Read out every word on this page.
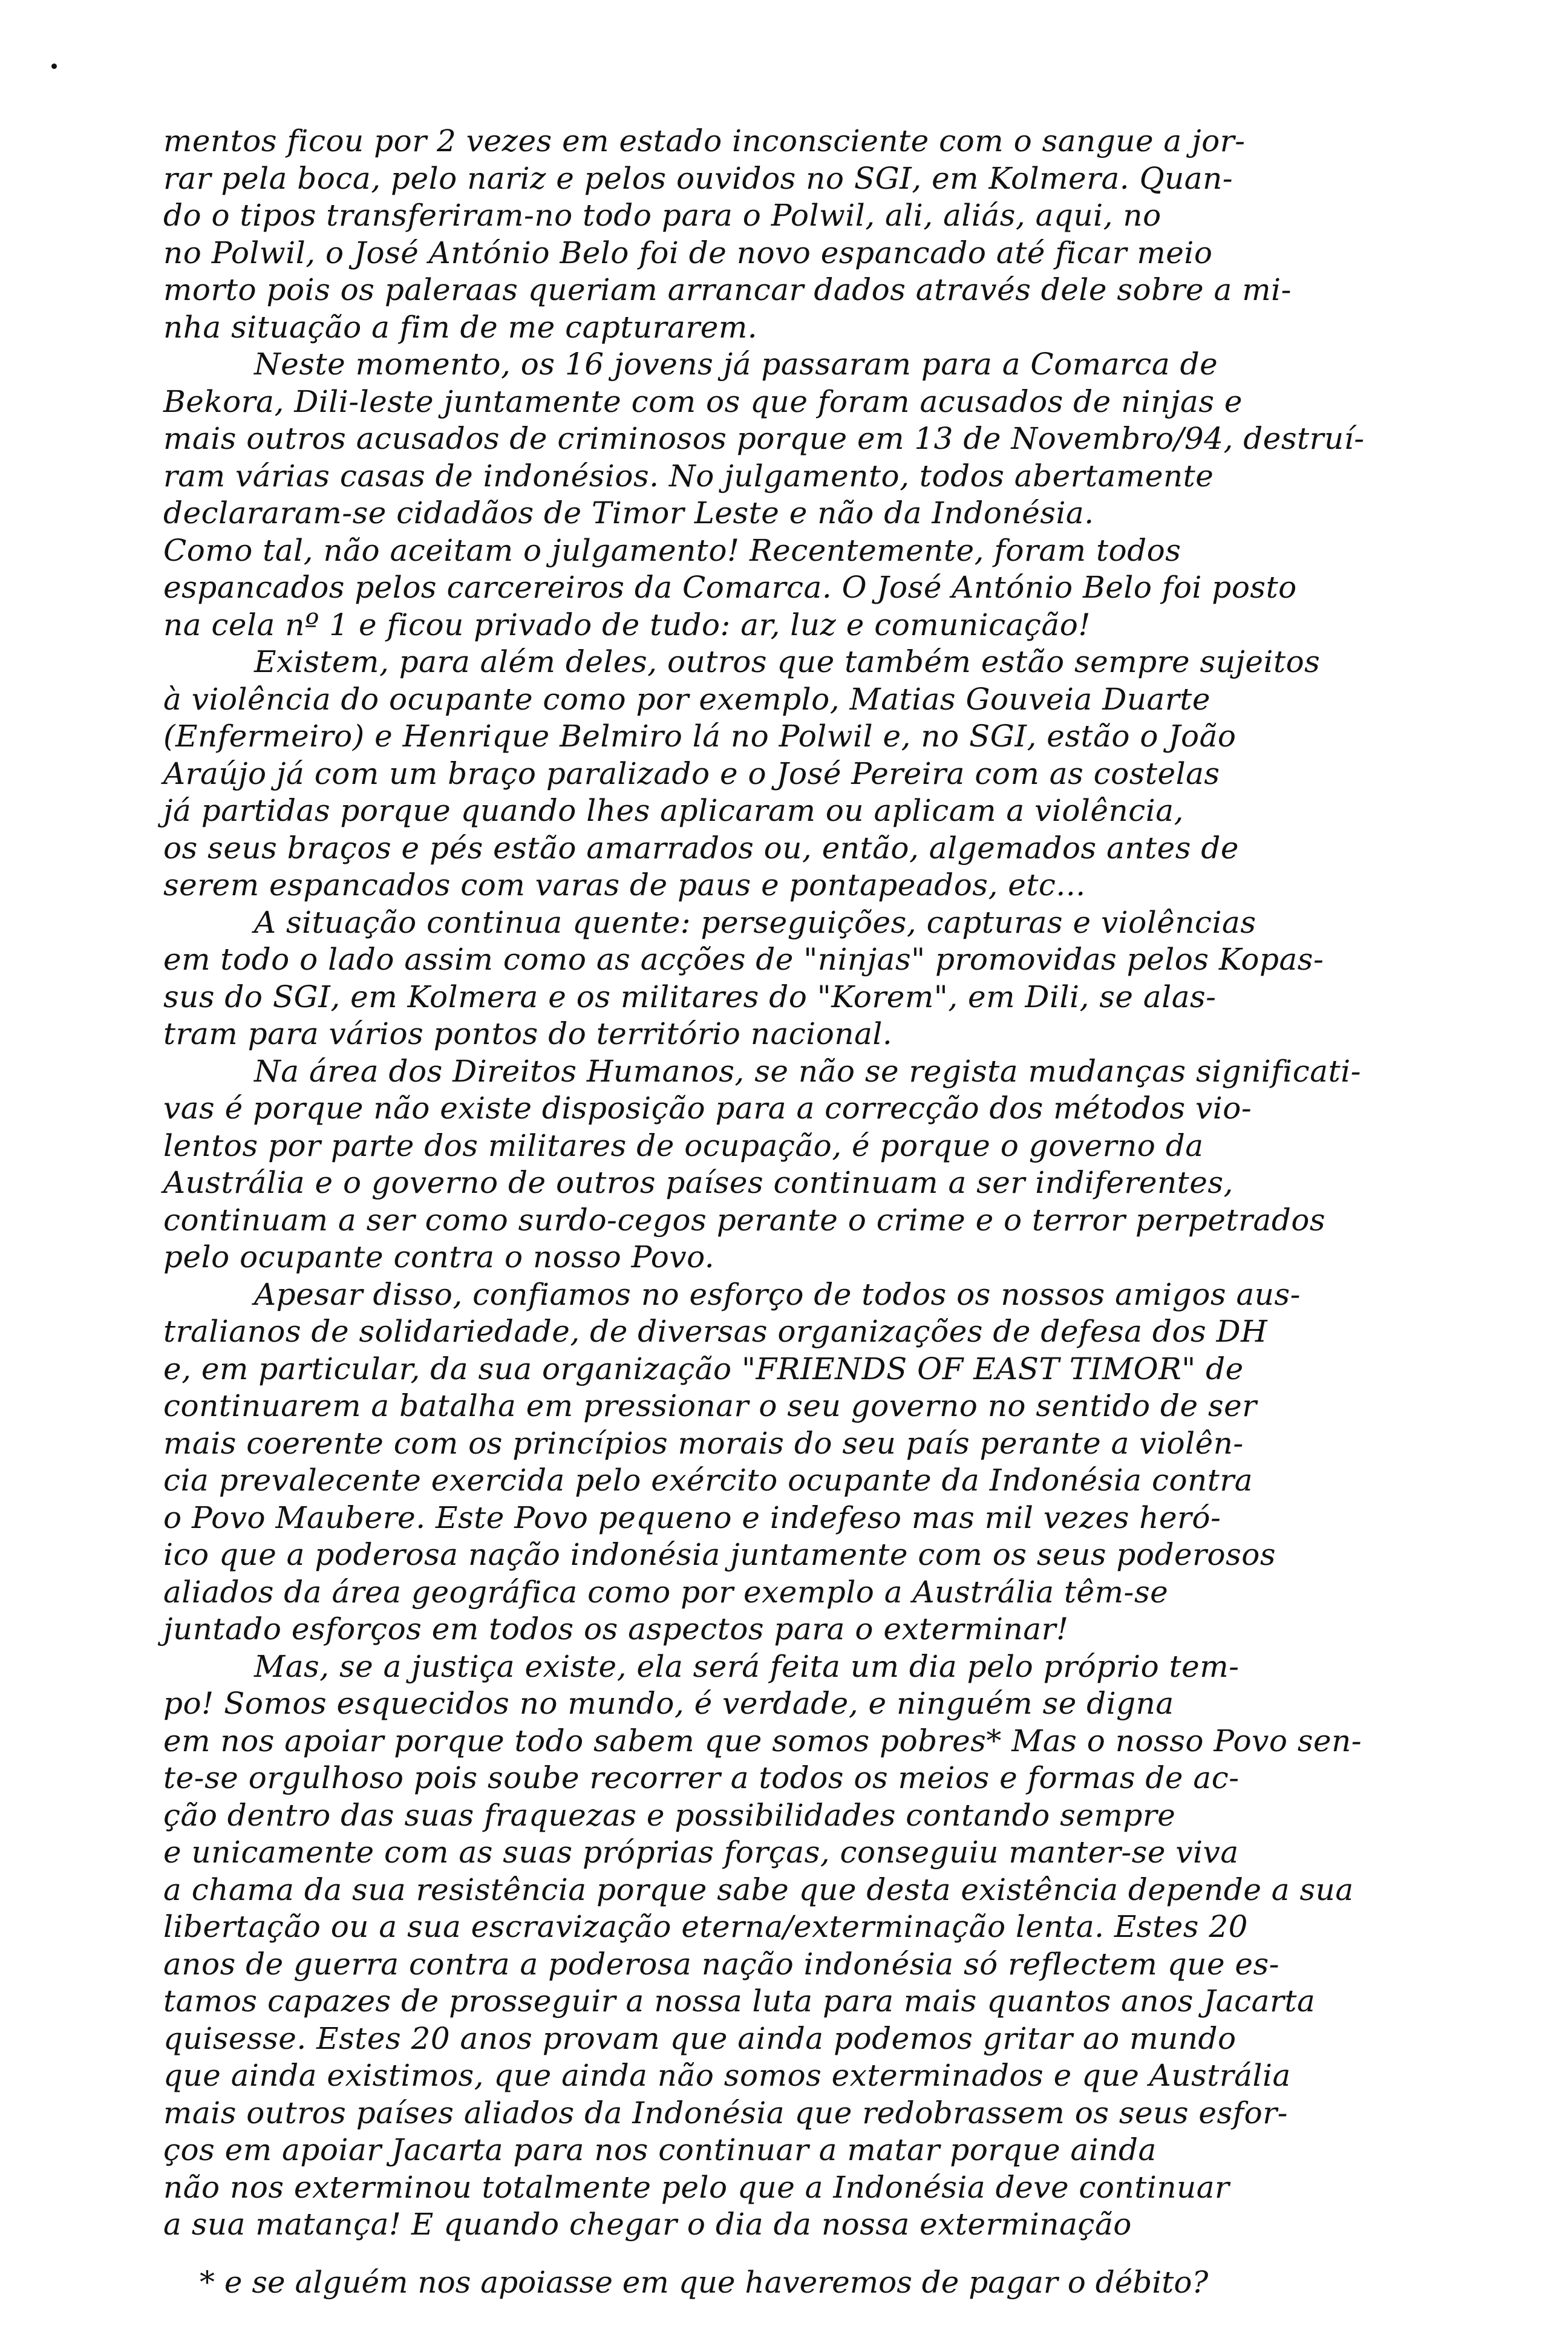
mentos ficou por 2 vezes em estado inconsciente com o sangue a jor-
rar pela boca, pelo nariz e pelos ouvidos no SGI, em Kolmera. Quan-
do o tipos transferiram-no todo para o Polwil, ali, aliás, aqui, no
no Polwil, o José António Belo foi de novo espancado até ficar meio
morto pois os paleraas queriam arrancar dados através dele sobre a mi-
nha situação a fim de me capturarem.
Neste momento, os 16 jovens já passaram para a Comarca de
Bekora, Dili-leste juntamente com os que foram acusados de ninjas e
mais outros acusados de criminosos porque em 13 de Novembro/94, destruí-
ram várias casas de indonésios. No julgamento, todos abertamente
declararam-se cidadãos de Timor Leste e não da Indonésia.
Como tal, não aceitam o julgamento! Recentemente, foram todos
espancados pelos carcereiros da Comarca. O José António Belo foi posto
na cela nº 1 e ficou privado de tudo: ar, luz e comunicação!
Existem, para além deles, outros que também estão sempre sujeitos
à violência do ocupante como por exemplo, Matias Gouveia Duarte
(Enfermeiro) e Henrique Belmiro lá no Polwil e, no SGI, estão o João
Araújo já com um braço paralizado e o José Pereira com as costelas
já partidas porque quando lhes aplicaram ou aplicam a violência,
os seus braços e pés estão amarrados ou, então, algemados antes de
serem espancados com varas de paus e pontapeados, etc...
A situação continua quente: perseguições, capturas e violências
em todo o lado assim como as acções de "ninjas" promovidas pelos Kopas-
sus do SGI, em Kolmera e os militares do "Korem", em Dili, se alas-
tram para vários pontos do território nacional.
Na área dos Direitos Humanos, se não se regista mudanças significati-
vas é porque não existe disposição para a correcção dos métodos vio-
lentos por parte dos militares de ocupação, é porque o governo da
Austrália e o governo de outros países continuam a ser indiferentes,
continuam a ser como surdo-cegos perante o crime e o terror perpetrados
pelo ocupante contra o nosso Povo.
Apesar disso, confiamos no esforço de todos os nossos amigos aus-
tralianos de solidariedade, de diversas organizações de defesa dos DH
e, em particular, da sua organização "FRIENDS OF EAST TIMOR" de
continuarem a batalha em pressionar o seu governo no sentido de ser
mais coerente com os princípios morais do seu país perante a violên-
cia prevalecente exercida pelo exército ocupante da Indonésia contra
o Povo Maubere. Este Povo pequeno e indefeso mas mil vezes heró-
ico que a poderosa nação indonésia juntamente com os seus poderosos
aliados da área geográfica como por exemplo a Austrália têm-se
juntado esforços em todos os aspectos para o exterminar!
Mas, se a justiça existe, ela será feita um dia pelo próprio tem-
po! Somos esquecidos no mundo, é verdade, e ninguém se digna
em nos apoiar porque todo sabem que somos pobres* Mas o nosso Povo sen-
te-se orgulhoso pois soube recorrer a todos os meios e formas de ac-
ção dentro das suas fraquezas e possibilidades contando sempre
e unicamente com as suas próprias forças, conseguiu manter-se viva
a chama da sua resistência porque sabe que desta existência depende a sua
libertação ou a sua escravização eterna/exterminação lenta. Estes 20
anos de guerra contra a poderosa nação indonésia só reflectem que es-
tamos capazes de prosseguir a nossa luta para mais quantos anos Jacarta
quisesse. Estes 20 anos provam que ainda podemos gritar ao mundo
que ainda existimos, que ainda não somos exterminados e que Austrália
mais outros países aliados da Indonésia que redobrassem os seus esfor-
ços em apoiar Jacarta para nos continuar a matar porque ainda
não nos exterminou totalmente pelo que a Indonésia deve continuar
a sua matança! E quando chegar o dia da nossa exterminação
* e se alguém nos apoiasse em que haveremos de pagar o débito?
